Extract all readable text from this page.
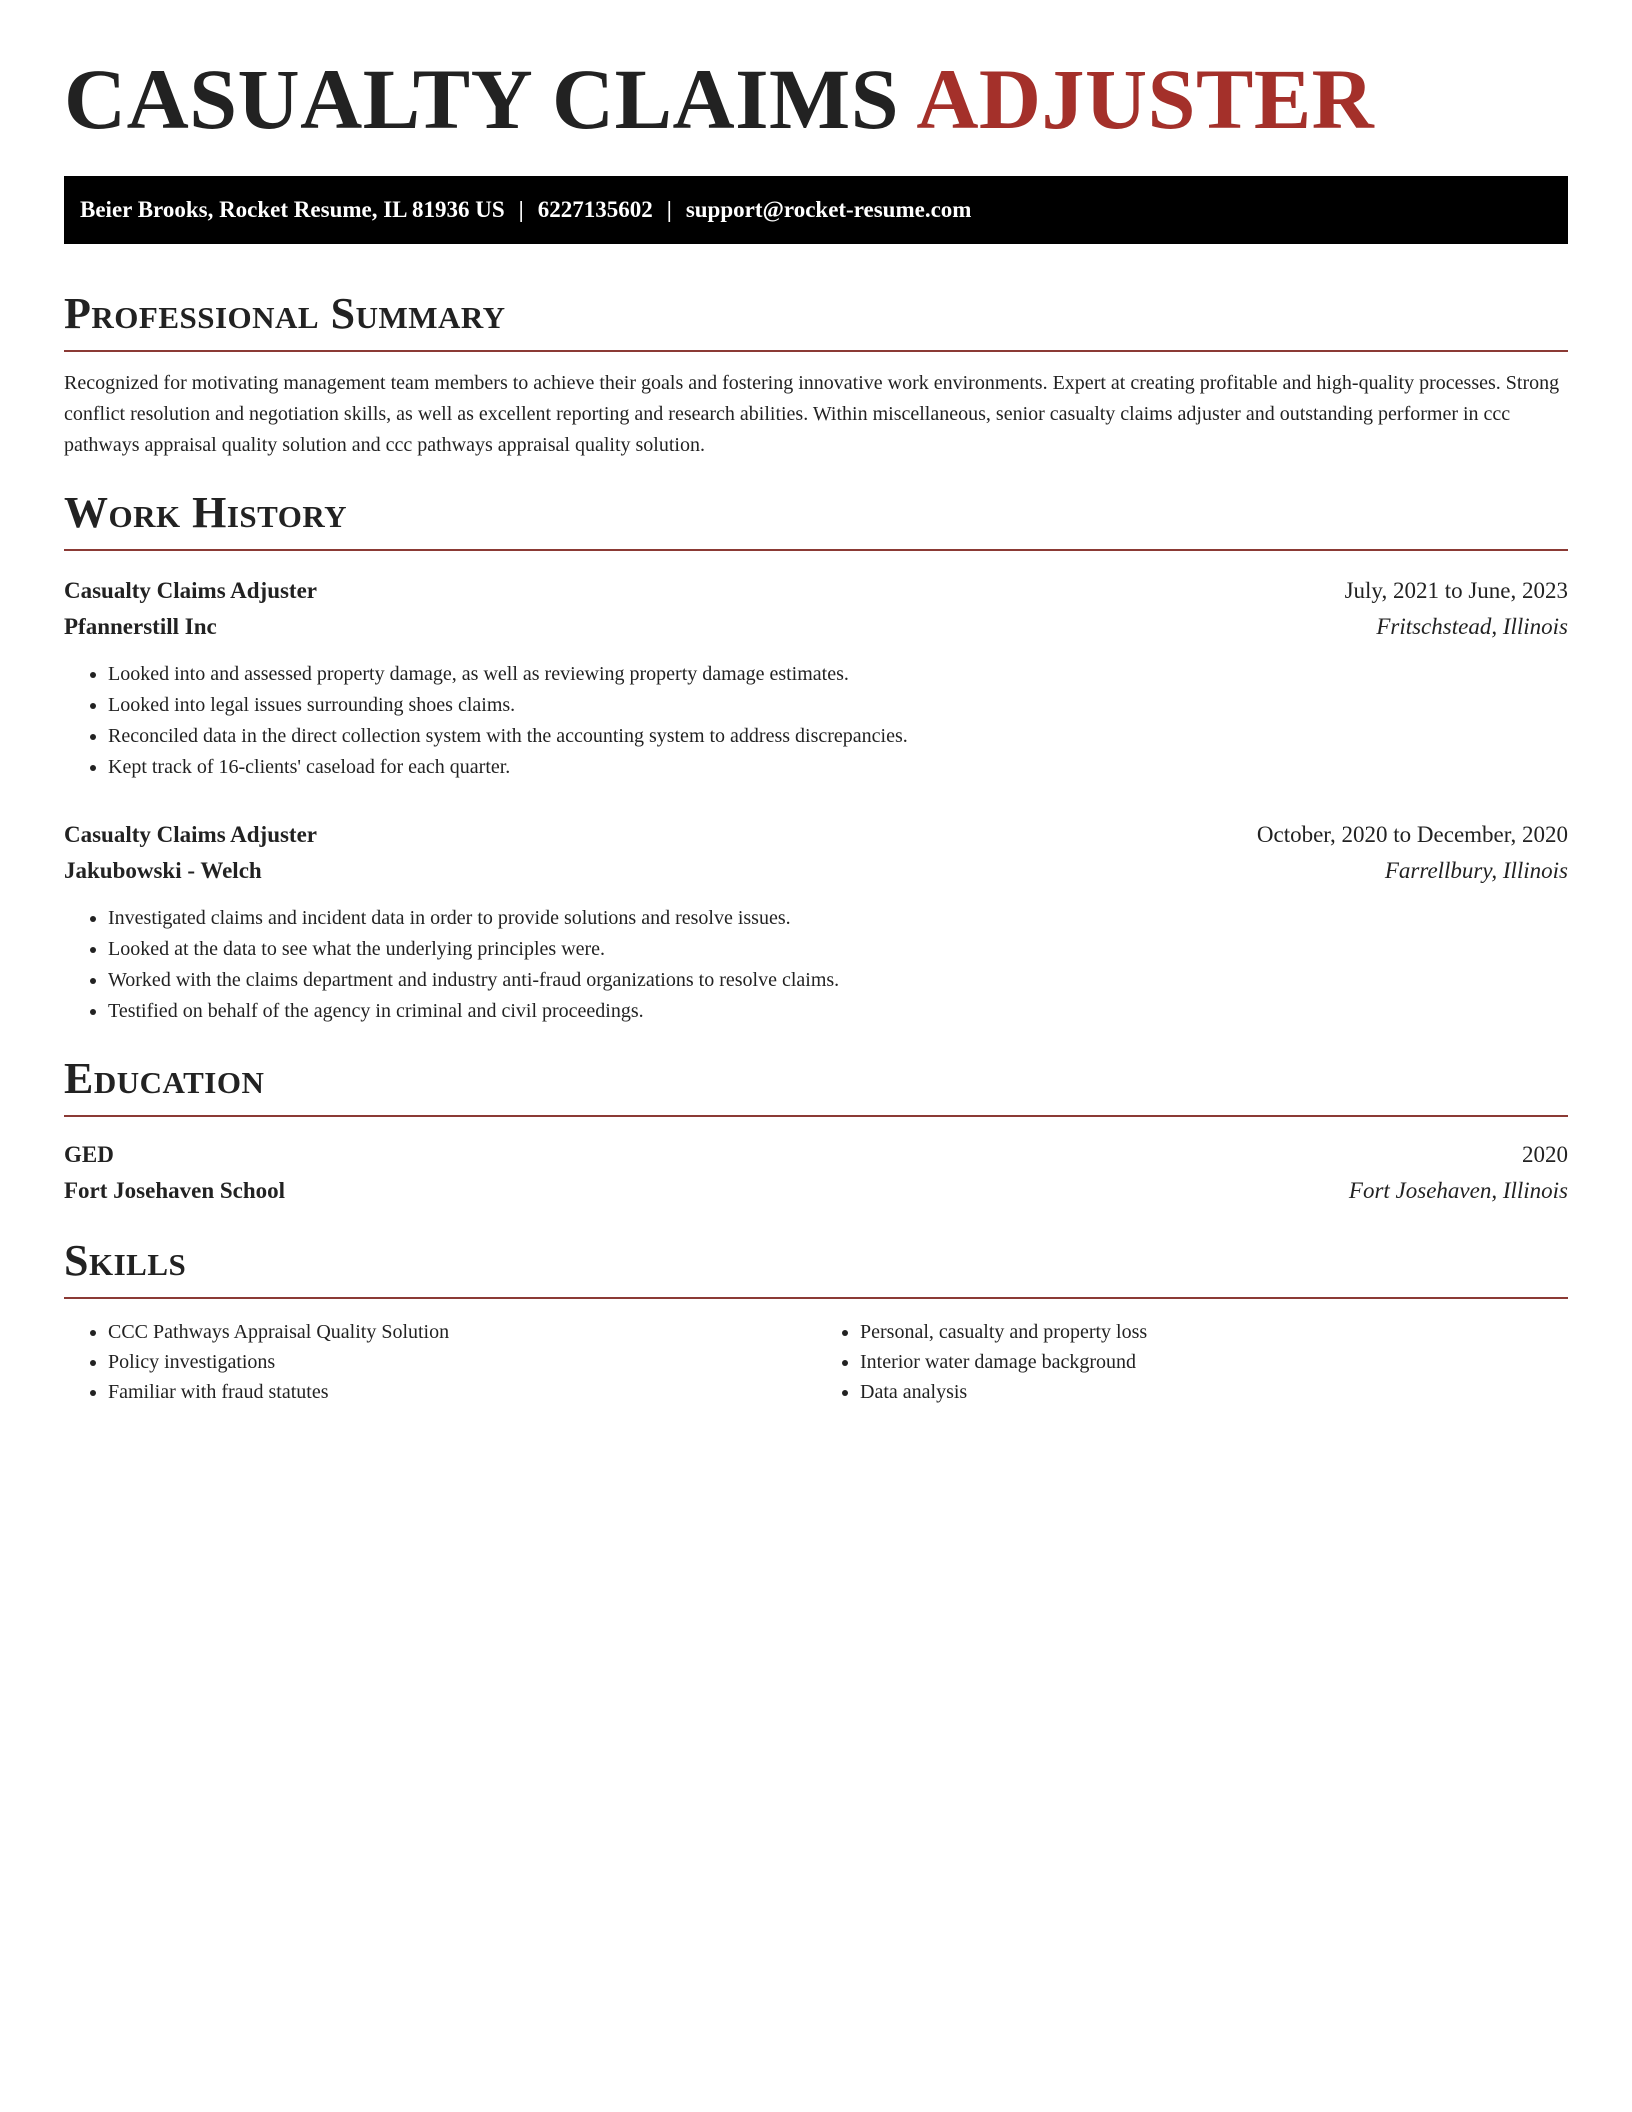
CASUALTY CLAIMS ADJUSTER
Beier Brooks, Rocket Resume, IL 81936 US | 6227135602 | support@rocket-resume.com
Professional Summary

Recognized for motivating management team members to achieve their goals and fostering innovative work environments. Expert at creating profitable and high-quality processes. Strong conflict resolution and negotiation skills, as well as excellent reporting and research abilities. Within miscellaneous, senior casualty claims adjuster and outstanding performer in ccc pathways appraisal quality solution and ccc pathways appraisal quality solution.

Work History
Casualty Claims Adjuster	July, 2021 to June, 2023
Pfannerstill Inc	Fritschstead, Illinois
• Looked into and assessed property damage, as well as reviewing property damage estimates.
• Looked into legal issues surrounding shoes claims.
• Reconciled data in the direct collection system with the accounting system to address discrepancies.
• Kept track of 16-clients' caseload for each quarter.
Casualty Claims Adjuster	October, 2020 to December, 2020
Jakubowski - Welch	Farrellbury, Illinois
• Investigated claims and incident data in order to provide solutions and resolve issues.
• Looked at the data to see what the underlying principles were.
• Worked with the claims department and industry anti-fraud organizations to resolve claims.
• Testified on behalf of the agency in criminal and civil proceedings.
Education
GED	2020
Fort Josehaven School	Fort Josehaven, Illinois
Skills
• CCC Pathways Appraisal Quality Solution
• Policy investigations
• Familiar with fraud statutes
• Personal, casualty and property loss
• Interior water damage background
• Data analysis
